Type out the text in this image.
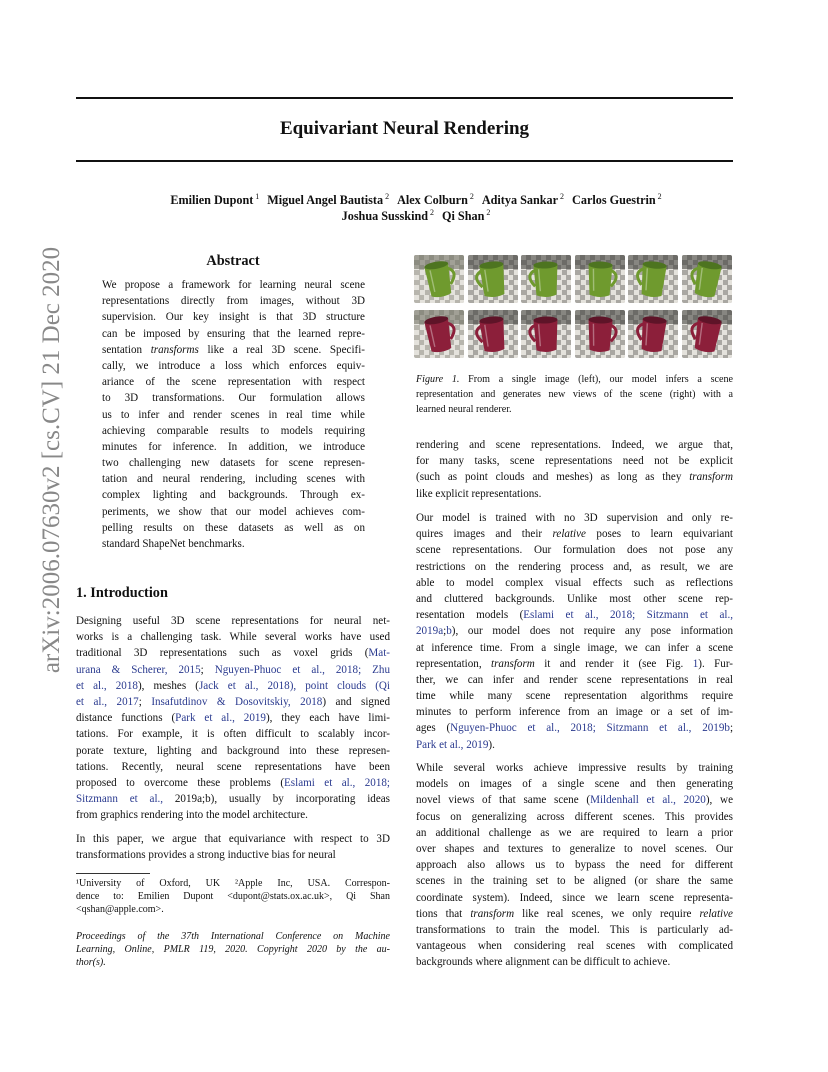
Equivariant Neural Rendering
Emilien Dupont $^1$ Miguel Angel Bautista $^2$ Alex Colburn $^2$ Aditya Sankar $^2$ Carlos Guestrin $^2$
Joshua Susskind $^2$ Qi Shan $^2$
arXiv:2006.07630v2 [cs.CV] 21 Dec 2020	Abstract
We propose a framework for learning neural scene
representations directly from images, without 3D
supervision. Our key insight is that 3D structure
can be imposed by ensuring that the learned repre-
sentation transforms like a real 3D scene. Specifi-
cally, we introduce a loss which enforces equiv-
ariance of the scene representation with respect
to 3D transformations. Our formulation allows
us to infer and render scenes in real time while
achieving comparable results to models requiring
minutes for inference. In addition, we introduce
two challenging new datasets for scene represen-
tation and neural rendering, including scenes with
complex lighting and backgrounds. Through ex-
periments, we show that our model achieves com-
pelling results on these datasets as well as on
standard ShapeNet benchmarks.
1. Introduction
Designing useful 3D scene representations for neural net-
works is a challenging task. While several works have used
traditional 3D representations such as voxel grids (Mat-
urana & Scherer, 2015; Nguyen-Phuoc et al., 2018; Zhu
et al., 2018), meshes (Jack et al., 2018), point clouds (Qi
et al., 2017; Insafutdinov & Dosovitskiy, 2018) and signed
distance functions (Park et al., 2019), they each have limi-
tations. For example, it is often difficult to scalably incor-
porate texture, lighting and background into these represen-
tations. Recently, neural scene representations have been
proposed to overcome these problems (Eslami et al., 2018;
Sitzmann et al., 2019a;b), usually by incorporating ideas
from graphics rendering into the model architecture.
In this paper, we argue that equivariance with respect to 3D
transformations provides a strong inductive bias for neural
¹University of Oxford, UK ²Apple Inc, USA. Correspon-
dence to: Emilien Dupont <dupont@stats.ox.ac.uk>, Qi Shan
<qshan@apple.com>.
Proceedings of the 37th International Conference on Machine
Learning, Online, PMLR 119, 2020. Copyright 2020 by the au-
thor(s).
Figure 1. From a single image (left), our model infers a scene
representation and generates new views of the scene (right) with a
learned neural renderer.
rendering and scene representations. Indeed, we argue that,
for many tasks, scene representations need not be explicit
(such as point clouds and meshes) as long as they transform
like explicit representations.
Our model is trained with no 3D supervision and only re-
quires images and their relative poses to learn equivariant
scene representations. Our formulation does not pose any
restrictions on the rendering process and, as result, we are
able to model complex visual effects such as reflections
and cluttered backgrounds. Unlike most other scene rep-
resentation models (Eslami et al., 2018; Sitzmann et al.,
2019a;b), our model does not require any pose information
at inference time. From a single image, we can infer a scene
representation, transform it and render it (see Fig. 1). Fur-
ther, we can infer and render scene representations in real
time while many scene representation algorithms require
minutes to perform inference from an image or a set of im-
ages (Nguyen-Phuoc et al., 2018; Sitzmann et al., 2019b;
Park et al., 2019).
While several works achieve impressive results by training
models on images of a single scene and then generating
novel views of that same scene (Mildenhall et al., 2020), we
focus on generalizing across different scenes. This provides
an additional challenge as we are required to learn a prior
over shapes and textures to generalize to novel scenes. Our
approach also allows us to bypass the need for different
scenes in the training set to be aligned (or share the same
coordinate system). Indeed, since we learn scene representa-
tions that transform like real scenes, we only require relative
transformations to train the model. This is particularly ad-
vantageous when considering real scenes with complicated
backgrounds where alignment can be difficult to achieve.
